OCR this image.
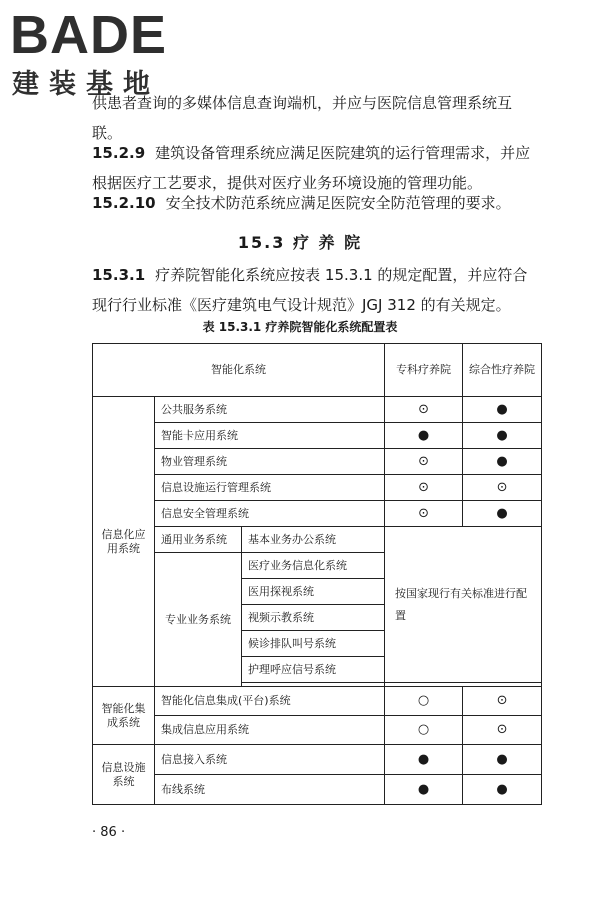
BADE
建装基地
供患者查询的多媒体信息查询端机，并应与医院信息管理系统互联。
15.2.9 建筑设备管理系统应满足医院建筑的运行管理需求，并应根据医疗工艺要求，提供对医疗业务环境设施的管理功能。
15.2.10 安全技术防范系统应满足医院安全防范管理的要求。
15.3 疗 养 院
15.3.1 疗养院智能化系统应按表 15.3.1 的规定配置，并应符合现行行业标准《医疗建筑电气设计规范》JGJ 312 的有关规定。
表 15.3.1 疗养院智能化系统配置表
智能化系统			专科疗养院	综合性疗养院
信息化应用系统	公共服务系统		⊙	●
	智能卡应用系统		●	●
	物业管理系统		⊙	●
	信息设施运行管理系统		⊙	⊙
	信息安全管理系统		⊙	●
	通用业务系统	基本业务办公系统	按国家现行有关标准进行配置	
	专业业务系统	医疗业务信息化系统		
		医用探视系统		
		视频示教系统		
		候诊排队叫号系统		
		护理呼应信号系统		

智能化集成系统	智能化信息集成(平台)系统		○	⊙
	集成信息应用系统		○	⊙
信息设施系统	信息接入系统		●	●
	布线系统		●	●
· 86 ·
